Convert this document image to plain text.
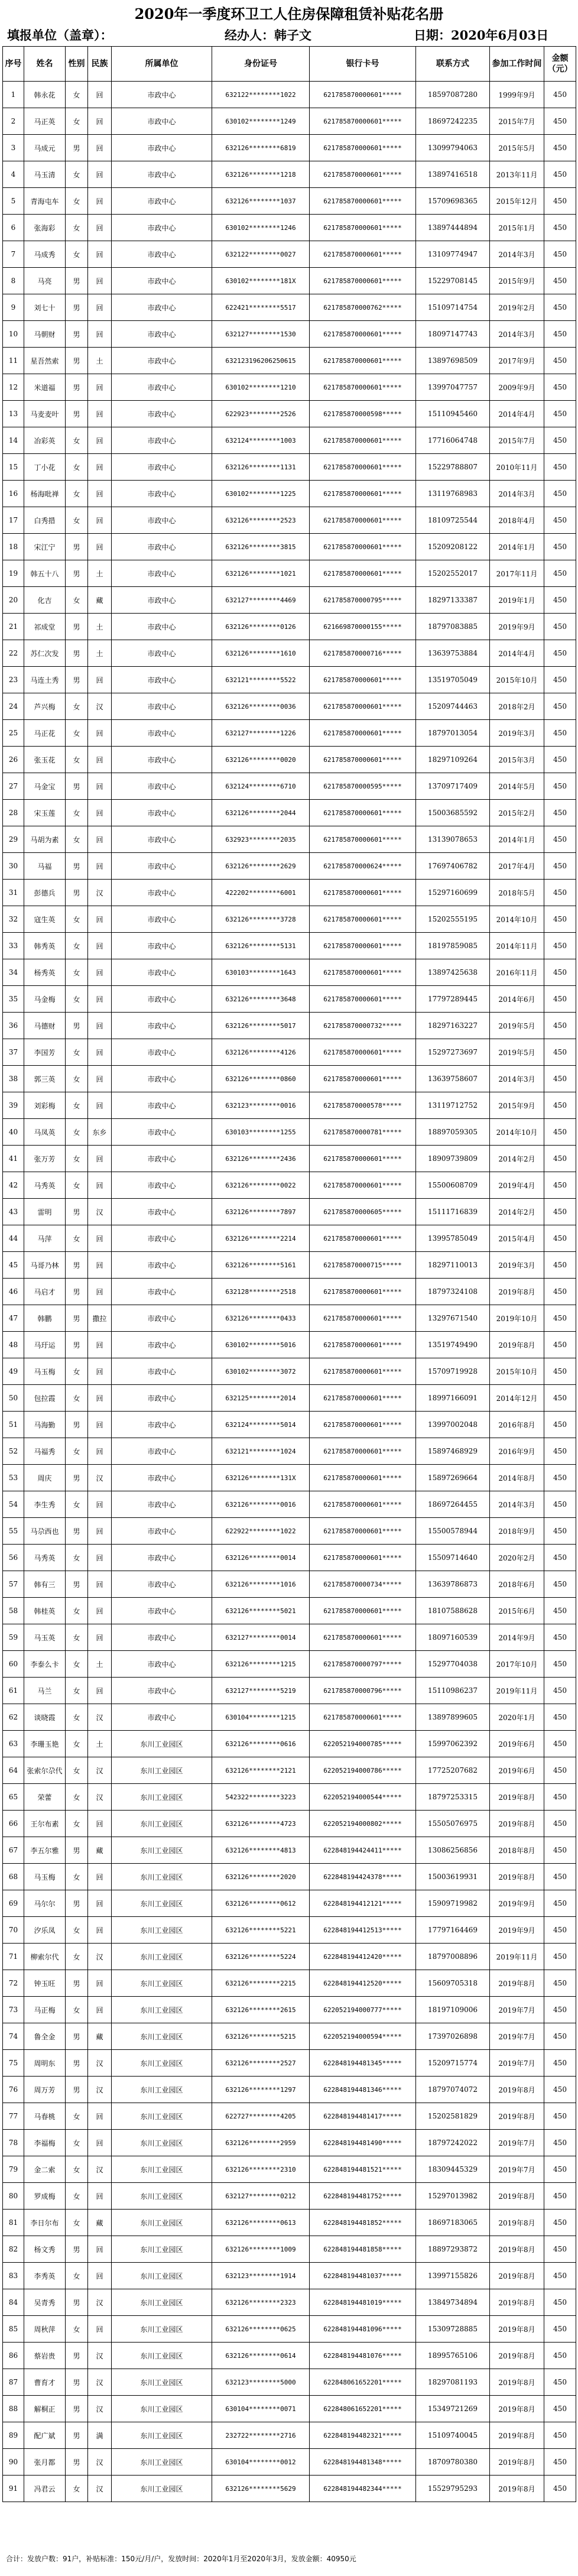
2020年一季度环卫工人住房保障租赁补贴花名册
填报单位（盖章）：	经办人：韩子文	日期：2020年6月03日
序号	姓名	性别	民族	所属单位	身份证号	银行卡号	联系方式	参加工作时间	金额（元）
1	韩永花	女	回	市政中心	632122********1022	621785870000601*****	18597087280	1999年9月	450
2	马正英	女	回	市政中心	630102********1249	621785870000601*****	18697242235	2015年7月	450
3	马成元	男	回	市政中心	632126********6819	621785870000601*****	13099794063	2015年5月	450
4	马玉清	女	回	市政中心	632126********1218	621785870000601*****	13897416518	2013年11月	450
5	青海屯车	女	回	市政中心	632126********1037	621785870000601*****	15709698365	2015年12月	450
6	张海彩	女	回	市政中心	630102********1246	621785870000601*****	13897444894	2015年1月	450
7	马成秀	女	回	市政中心	632122********0027	621785870000601*****	13109774947	2014年3月	450
8	马亮	男	回	市政中心	630102********181X	621785870000601*****	15229708145	2015年9月	450
9	刘七十	男	回	市政中心	622421********5517	621785870000762*****	15109714754	2019年2月	450
10	马朝财	男	回	市政中心	632127********1530	621785870000601*****	18097147743	2014年3月	450
11	星吾然索	男	土	市政中心	632123196206250615	621785870000601*****	13897698509	2017年9月	450
12	米道福	男	回	市政中心	630102********1210	621785870000601*****	13997047757	2009年9月	450
13	马麦麦叶	男	回	市政中心	622923********2526	621785870000598*****	15110945460	2014年4月	450
14	冶彩英	女	回	市政中心	632124********1003	621785870000601*****	17716064748	2015年7月	450
15	丁小花	女	回	市政中心	632126********1131	621785870000601*****	15229788807	2010年11月	450
16	杨海吡禅	女	回	市政中心	630102********1225	621785870000601*****	13119768983	2014年3月	450
17	白秀措	女	回	市政中心	632126********2523	621785870000601*****	18109725544	2018年4月	450
18	宋江宁	男	回	市政中心	632126********3815	621785870000601*****	15209208122	2014年1月	450
19	韩五十八	男	土	市政中心	632126********1021	621785870000601*****	15202552017	2017年11月	450
20	化吉	女	藏	市政中心	632127********4469	621785870000795*****	18297133387	2019年1月	450
21	祁成堂	男	土	市政中心	632126********0126	621669870000155*****	18797083885	2019年9月	450
22	苏仁次发	男	土	市政中心	632126********1610	621785870000716*****	13639753884	2014年4月	450
23	马连土秀	男	回	市政中心	632121********5522	621785870000601*****	13519705049	2015年10月	450
24	芦兴梅	女	汉	市政中心	632126********0036	621785870000601*****	15209744463	2018年2月	450
25	马正花	女	回	市政中心	632127********1226	621785870000601*****	18797013054	2019年3月	450
26	张玉花	女	回	市政中心	632126********0020	621785870000601*****	18297109264	2015年3月	450
27	马金宝	男	回	市政中心	632124********6710	621785870000595*****	13709717409	2014年5月	450
28	宋玉莲	女	回	市政中心	632126********2044	621785870000601*****	15003685592	2015年2月	450
29	马胡为素	女	回	市政中心	632923********2035	621785870000601*****	13139078653	2014年1月	450
30	马福	男	回	市政中心	632126********2629	621785870000624*****	17697406782	2017年4月	450
31	彭德兵	男	汉	市政中心	422202********6001	621785870000601*****	15297160699	2018年5月	450
32	寇生英	女	回	市政中心	632126********3728	621785870000601*****	15202555195	2014年10月	450
33	韩秀英	女	回	市政中心	632126********5131	621785870000601*****	18197859085	2014年11月	450
34	杨秀英	女	回	市政中心	630103********1643	621785870000601*****	13897425638	2016年11月	450
35	马金梅	女	回	市政中心	632126********3648	621785870000601*****	17797289445	2014年6月	450
36	马德财	男	回	市政中心	632126********5017	621785870000732*****	18297163227	2019年5月	450
37	李国芳	女	回	市政中心	632126********4126	621785870000601*****	15297273697	2019年5月	450
38	郭三英	女	回	市政中心	632126********0860	621785870000601*****	13639758607	2014年3月	450
39	刘彩梅	女	回	市政中心	632123********0016	621785870000578*****	13119712752	2015年9月	450
40	马凤英	女	东乡	市政中心	630103********1255	621785870000781*****	18897059305	2014年10月	450
41	张万芳	女	回	市政中心	632126********2436	621785870000601*****	18909739809	2014年2月	450
42	马秀英	女	回	市政中心	632126********0022	621785870000601*****	15500608709	2019年4月	450
43	雷明	男	汉	市政中心	632126********7897	621785870000605*****	15111716839	2014年2月	450
44	马萍	女	回	市政中心	632126********2214	621785870000601*****	13995785049	2015年4月	450
45	马哥乃林	男	回	市政中心	632126********5161	621785870000715*****	18297110013	2019年3月	450
46	马启才	男	回	市政中心	632128********2518	621785870000601*****	18797324108	2019年8月	450
47	韩鹏	男	撒拉	市政中心	632126********0433	621785870000601*****	13297671540	2019年10月	450
48	马玗运	男	回	市政中心	630102********5016	621785870000601*****	13519749490	2019年8月	450
49	马玉梅	女	回	市政中心	630102********3072	621785870000601*****	15709719928	2015年10月	450
50	包拉霞	女	回	市政中心	632125********2014	621785870000601*****	18997166091	2014年12月	450
51	马海勤	男	回	市政中心	632124********5014	621785870000601*****	13997002048	2016年8月	450
52	马福秀	女	回	市政中心	632121********1024	621785870000601*****	15897468929	2016年9月	450
53	周庆	男	汉	市政中心	632126********131X	621785870000601*****	15897269664	2014年8月	450
54	李生秀	女	回	市政中心	632126********0016	621785870000601*****	18697264455	2014年3月	450
55	马尕西也	男	回	市政中心	622922********1022	621785870000601*****	15500578944	2018年9月	450
56	马秀英	女	回	市政中心	632126********0014	621785870000601*****	15509714640	2020年2月	450
57	韩有三	男	回	市政中心	632126********1016	621785870000734*****	13639786873	2018年6月	450
58	韩桂英	女	回	市政中心	632126********5021	621785870000601*****	18107588628	2015年6月	450
59	马玉英	女	回	市政中心	632127********0014	621785870000601*****	18097160539	2014年9月	450
60	李泰么卡	女	土	市政中心	632126********1215	621785870000797*****	15297704038	2017年10月	450
61	马兰	女	回	市政中心	632127********5219	621785870000796*****	15110986237	2019年11月	450
62	谈晓霞	女	汉	市政中心	630104********1215	621785870000601*****	13897899605	2020年1月	450
63	李珊玉艳	女	土	东川工业园区	632126********0616	622052194000785*****	15997062392	2019年6月	450
64	张索尔尕代	女	汉	东川工业园区	632126********2121	622052194000786*****	17725207682	2019年6月	450
65	荣蕾	女	汉	东川工业园区	542322********3223	622052194000544*****	18797253315	2019年8月	450
66	王尔布素	女	回	东川工业园区	632126********4723	622052194000802*****	15505076975	2019年8月	450
67	李五尔雅	男	藏	东川工业园区	632126********4813	622848194424411*****	13086256856	2018年8月	450
68	马玉梅	女	回	东川工业园区	632126********2020	622848194424378*****	15003619931	2019年8月	450
69	马尔尔	男	回	东川工业园区	632126********0612	622848194412121*****	15909719982	2019年9月	450
70	汐乐凤	女	回	东川工业园区	632126********5221	622848194412513*****	17797164469	2019年9月	450
71	柳索尔代	女	汉	东川工业园区	632126********5224	622848194412420*****	18797008896	2019年11月	450
72	钟玉旺	男	回	东川工业园区	632126********2215	622848194412520*****	15609705318	2019年8月	450
73	马正梅	女	回	东川工业园区	632126********2615	622052194000777*****	18197109006	2019年7月	450
74	鲁全金	男	藏	东川工业园区	632126********5215	622052194000594*****	17397026898	2019年7月	450
75	周明东	男	汉	东川工业园区	632126********2527	622848194481345*****	15209715774	2019年7月	450
76	周万芳	男	汉	东川工业园区	632126********1297	622848194481346*****	18797074072	2019年8月	450
77	马春桃	女	回	东川工业园区	622727********4205	622848194481417*****	15202581829	2019年8月	450
78	李福梅	女	回	东川工业园区	632126********2959	622848194481490*****	18797242022	2019年7月	450
79	金二索	女	汉	东川工业园区	632126********2310	622848194481521*****	18309445329	2019年7月	450
80	罗成梅	女	回	东川工业园区	632127********0212	622848194481752*****	15297013982	2019年8月	450
81	李日尔布	女	藏	东川工业园区	632126********0613	622848194481852*****	18697183065	2019年8月	450
82	杨文秀	男	回	东川工业园区	632126********1009	622848194481858*****	18897293872	2019年8月	450
83	李秀英	女	回	东川工业园区	632123********1914	622848194481037*****	13997155826	2019年8月	450
84	吴青秀	男	汉	东川工业园区	632126********2323	622848194481019*****	13849734894	2019年8月	450
85	周秋萍	女	回	东川工业园区	632126********0625	622848194481096*****	15309728885	2019年8月	450
86	蔡岩贵	男	汉	东川工业园区	632126********0614	622848194481076*****	18995765106	2019年8月	450
87	曹育才	男	汉	东川工业园区	632123********5000	622848061652201*****	18297081193	2019年8月	450
88	解桐正	男	汉	东川工业园区	630104********0071	622848061652201*****	15349721269	2019年8月	450
89	配广斌	男	满	东川工业园区	232722********2716	622848194482321*****	15109740045	2019年8月	450
90	张月都	男	汉	东川工业园区	630104********0012	622848194481348*****	18709780380	2019年8月	450
91	冯君云	女	汉	东川工业园区	632126********5629	622848194482344*****	15529795293	2019年8月	450
合计：发放户数：91户，补贴标准：150元/月/户，发放时间：2020年1月至2020年3月，发放金额：40950元
